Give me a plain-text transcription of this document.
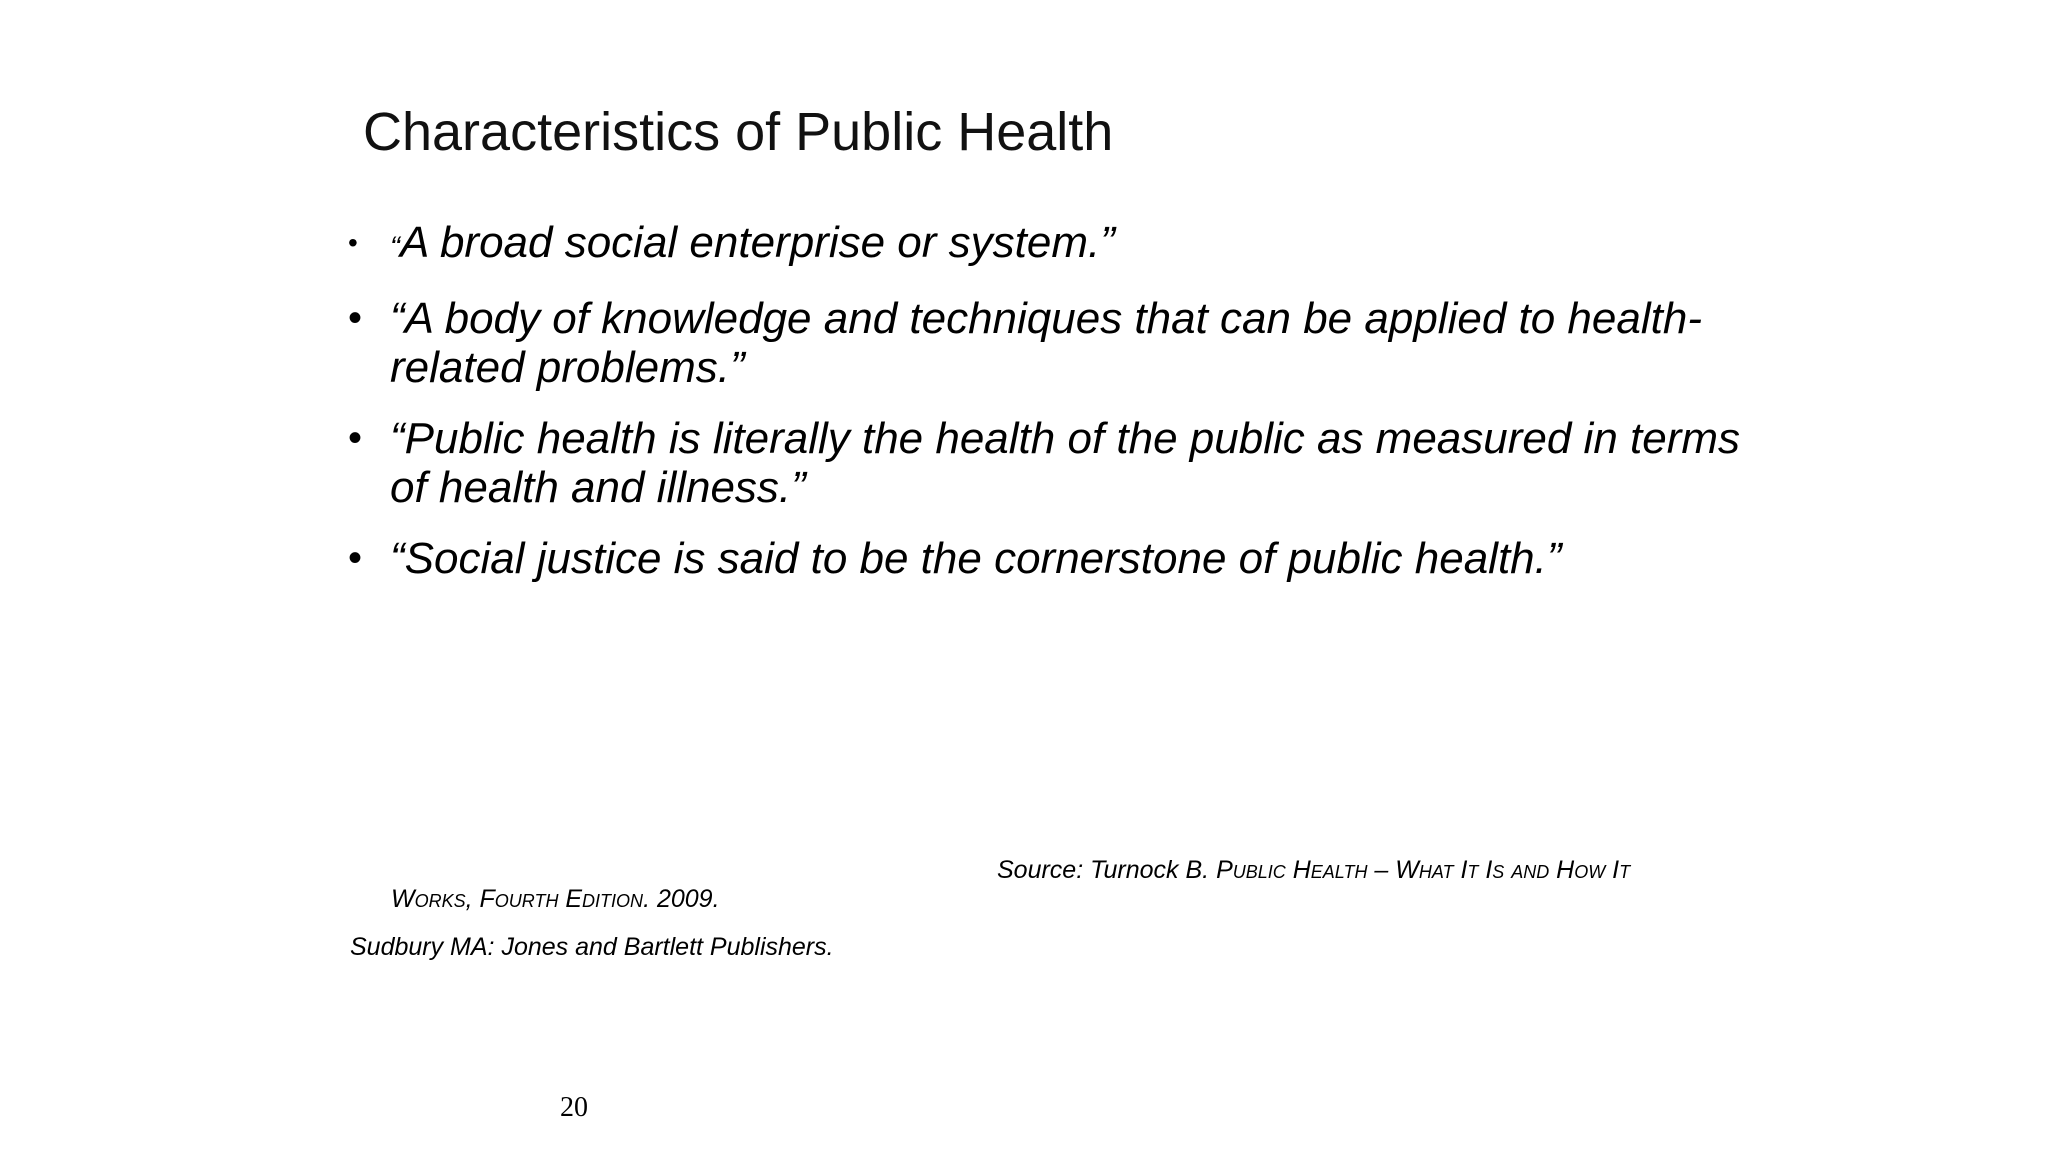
Characteristics of Public Health
• “A broad social enterprise or system.”
• “A body of knowledge and techniques that can be applied to health-related problems.”
• “Public health is literally the health of the public as measured in terms of health and illness.”
• “Social justice is said to be the cornerstone of public health.”
Source: Turnock B. Public Health – What It Is and How It
Works, Fourth Edition. 2009.
Sudbury MA: Jones and Bartlett Publishers.
20
